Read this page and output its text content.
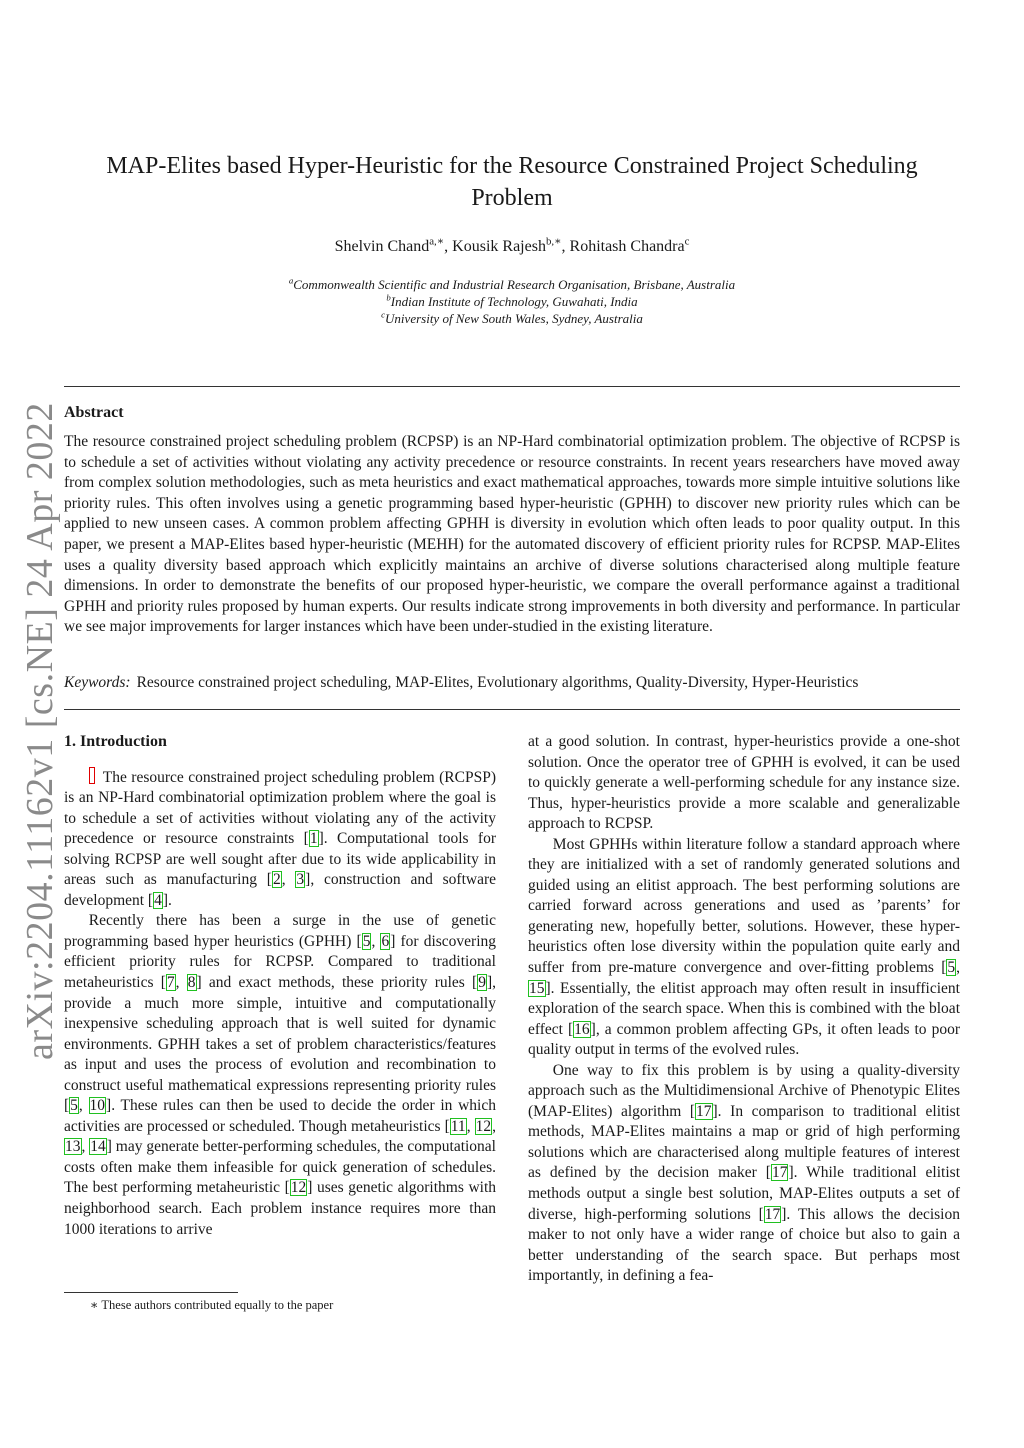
arXiv:2204.11162v1 [cs.NE] 24 Apr 2022
MAP-Elites based Hyper-Heuristic for the Resource Constrained Project Scheduling Problem
Shelvin Chand$^{a,∗}$, Kousik Rajesh$^{b,∗}$, Rohitash Chandra$^c$
$^a$Commonwealth Scientific and Industrial Research Organisation, Brisbane, Australia
$^b$Indian Institute of Technology, Guwahati, India
$^c$University of New South Wales, Sydney, Australia
Abstract
The resource constrained project scheduling problem (RCPSP) is an NP-Hard combinatorial optimization problem. The objective of RCPSP is to schedule a set of activities without violating any activity precedence or resource constraints. In recent years researchers have moved away from complex solution methodologies, such as meta heuristics and exact mathematical approaches, towards more simple intuitive solutions like priority rules. This often involves using a genetic programming based hyper-heuristic (GPHH) to discover new priority rules which can be applied to new unseen cases. A common problem affecting GPHH is diversity in evolution which often leads to poor quality output. In this paper, we present a MAP-Elites based hyper-heuristic (MEHH) for the automated discovery of efficient priority rules for RCPSP. MAP-Elites uses a quality diversity based approach which explicitly maintains an archive of diverse solutions characterised along multiple feature dimensions. In order to demonstrate the benefits of our proposed hyper-heuristic, we compare the overall performance against a traditional GPHH and priority rules proposed by human experts. Our results indicate strong improvements in both diversity and performance. In particular we see major improvements for larger instances which have been under-studied in the existing literature.
Keywords: Resource constrained project scheduling, MAP-Elites, Evolutionary algorithms, Quality-Diversity, Hyper-Heuristics
1. Introduction

The resource constrained project scheduling problem (RCPSP) is an NP-Hard combinatorial optimization problem where the goal is to schedule a set of activities without violating any of the activity precedence or resource constraints [1]. Computational tools for solving RCPSP are well sought after due to its wide applicability in areas such as manufacturing [2, 3], construction and software development [4].

Recently there has been a surge in the use of genetic programming based hyper heuristics (GPHH) [5, 6] for discovering efficient priority rules for RCPSP. Compared to traditional metaheuristics [7, 8] and exact methods, these priority rules [9], provide a much more simple, intuitive and computationally inexpensive scheduling approach that is well suited for dynamic environments. GPHH takes a set of problem characteristics/features as input and uses the process of evolution and recombination to construct useful mathematical expressions representing priority rules [5, 10]. These rules can then be used to decide the order in which activities are processed or scheduled. Though metaheuristics [11, 12, 13, 14] may generate better-performing schedules, the computational costs often make them infeasible for quick generation of schedules. The best performing metaheuristic [12] uses genetic algorithms with neighborhood search. Each problem instance requires more than 1000 iterations to arrive

at a good solution. In contrast, hyper-heuristics provide a one-shot solution. Once the operator tree of GPHH is evolved, it can be used to quickly generate a well-performing schedule for any instance size. Thus, hyper-heuristics provide a more scalable and generalizable approach to RCPSP.

Most GPHHs within literature follow a standard approach where they are initialized with a set of randomly generated solutions and guided using an elitist approach. The best performing solutions are carried forward across generations and used as ’parents’ for generating new, hopefully better, solutions. However, these hyper-heuristics often lose diversity within the population quite early and suffer from pre-mature convergence and over-fitting problems [5, 15]. Essentially, the elitist approach may often result in insufficient exploration of the search space. When this is combined with the bloat effect [16], a common problem affecting GPs, it often leads to poor quality output in terms of the evolved rules.

One way to fix this problem is by using a quality-diversity approach such as the Multidimensional Archive of Phenotypic Elites (MAP-Elites) algorithm [17]. In comparison to traditional elitist methods, MAP-Elites maintains a map or grid of high performing solutions which are characterised along multiple features of interest as defined by the decision maker [17]. While traditional elitist methods output a single best solution, MAP-Elites outputs a set of diverse, high-performing solutions [17]. This allows the decision maker to not only have a wider range of choice but also to gain a better understanding of the search space. But perhaps most importantly, in defining a fea-

∗ These authors contributed equally to the paper
